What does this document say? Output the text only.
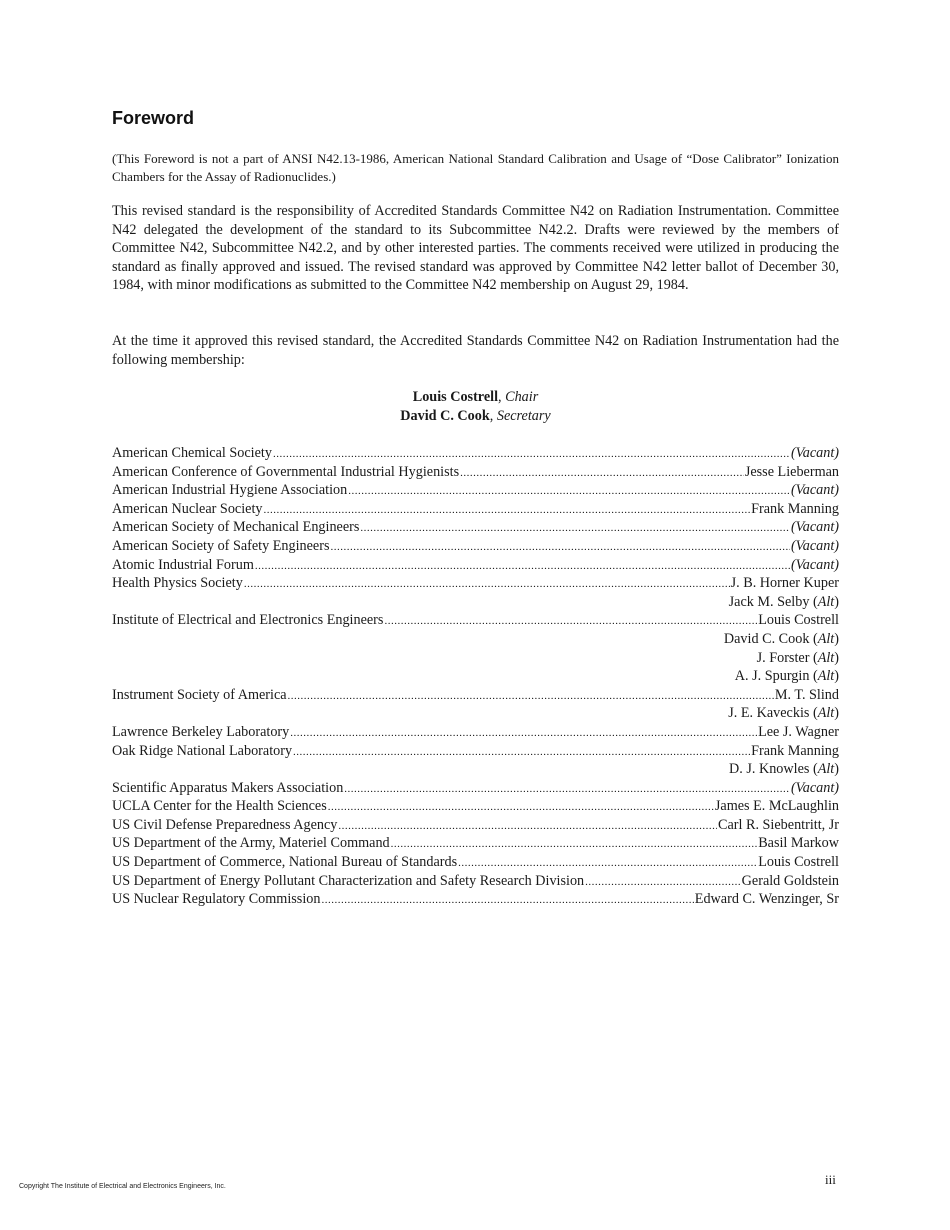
Foreword

(This Foreword is not a part of ANSI N42.13-1986, American National Standard Calibration and Usage of “Dose Calibrator” Ionization Chambers for the Assay of Radionuclides.)

This revised standard is the responsibility of Accredited Standards Committee N42 on Radiation Instrumentation. Committee N42 delegated the development of the standard to its Subcommittee N42.2. Drafts were reviewed by the members of Committee N42, Subcommittee N42.2, and by other interested parties. The comments received were utilized in producing the standard as finally approved and issued. The revised standard was approved by Committee N42 letter ballot of December 30, 1984, with minor modifications as submitted to the Committee N42 membership on August 29, 1984.

At the time it approved this revised standard, the Accredited Standards Committee N42 on Radiation Instrumentation had the following membership:

Louis Costrell, Chair
David C. Cook, Secretary
American Chemical Society .....	(Vacant)
American Conference of Governmental Industrial Hygienists .....	Jesse Lieberman
American Industrial Hygiene Association .....	(Vacant)
American Nuclear Society .....	Frank Manning
American Society of Mechanical Engineers .....	(Vacant)
American Society of Safety Engineers .....	(Vacant)
Atomic Industrial Forum .....	(Vacant)
Health Physics Society .....	J. B. Horner Kuper
Jack M. Selby (Alt)
Institute of Electrical and Electronics Engineers .....	Louis Costrell
David C. Cook (Alt)
J. Forster (Alt)
A. J. Spurgin (Alt)
Instrument Society of America .....	M. T. Slind
J. E. Kaveckis (Alt)
Lawrence Berkeley Laboratory .....	Lee J. Wagner
Oak Ridge National Laboratory .....	Frank Manning
D. J. Knowles (Alt)
Scientific Apparatus Makers Association .....	(Vacant)
UCLA Center for the Health Sciences .....	James E. McLaughlin
US Civil Defense Preparedness Agency .....	Carl R. Siebentritt, Jr
US Department of the Army, Materiel Command .....	Basil Markow
US Department of Commerce, National Bureau of Standards .....	Louis Costrell
US Department of Energy Pollutant Characterization and Safety Research Division .....	Gerald Goldstein
US Nuclear Regulatory Commission .....	Edward C. Wenzinger, Sr
iii
Copyright The Institute of Electrical and Electronics Engineers, Inc.
